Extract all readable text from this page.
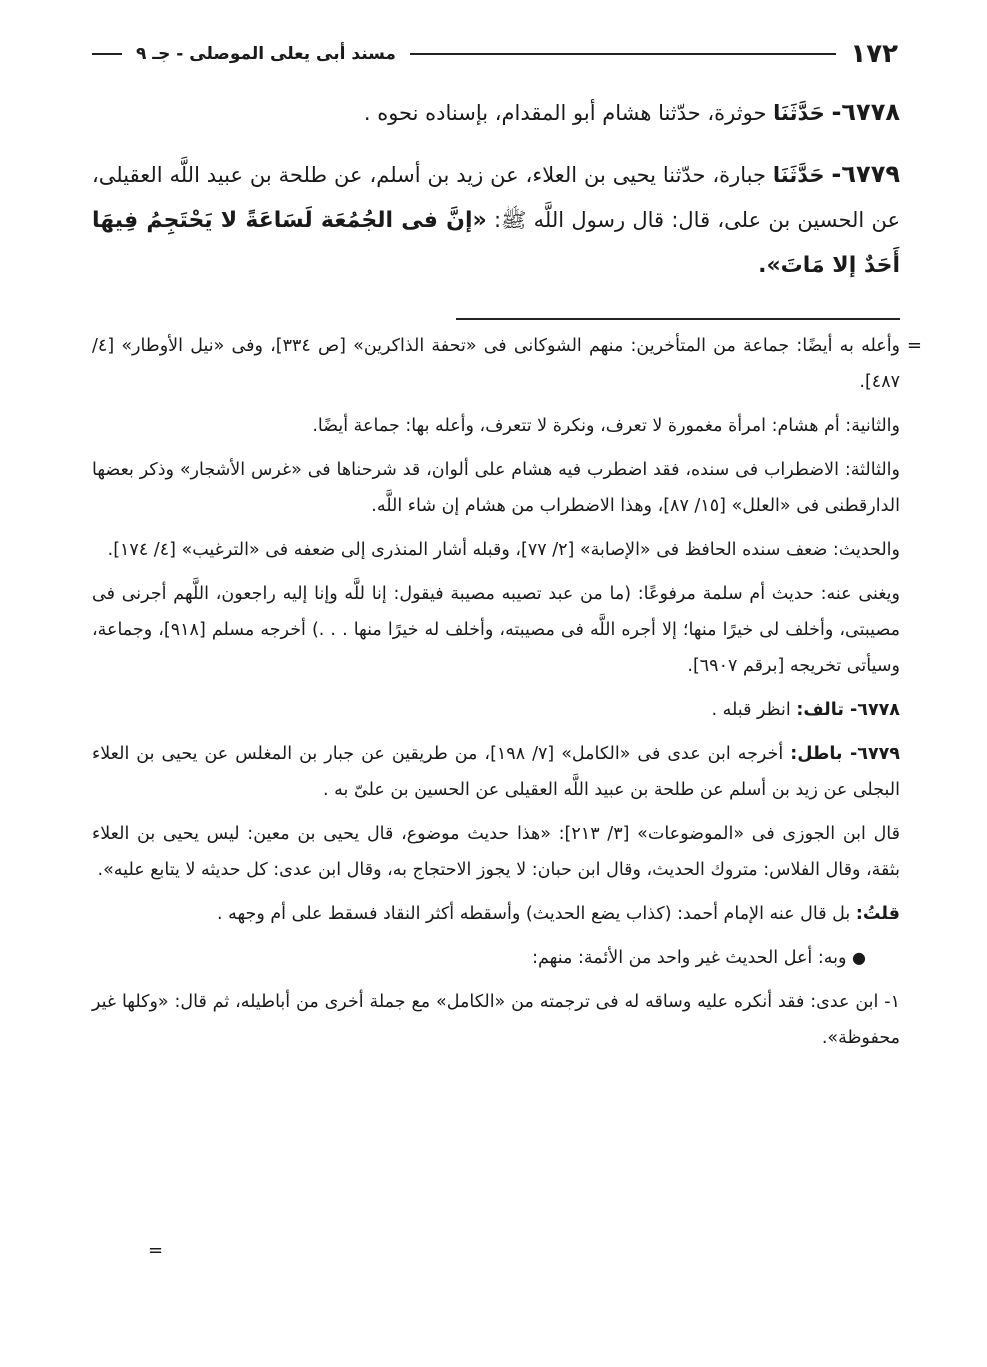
١٧٢
مسند أبى يعلى الموصلى - جـ ٩

٦٧٧٨- حَدَّثَنَا حوثرة، حدّثنا هشام أبو المقدام، بإسناده نحوه .

٦٧٧٩- حَدَّثَنَا جبارة، حدّثنا يحيى بن العلاء، عن زيد بن أسلم، عن طلحة بن عبيد اللَّه العقيلى، عن الحسين بن على، قال: قال رسول اللَّه ﷺ: «إنَّ فى الجُمُعَة لَسَاعَةً لا يَحْتَجِمُ فِيهَا أَحَدٌ إلا مَاتَ».

=
وأعله به أيضًا: جماعة من المتأخرين: منهم الشوكانى فى «تحفة الذاكرين» [ص ٣٣٤]، وفى «نيل الأوطار» [٤/ ٤٨٧].

والثانية: أم هشام: امرأة مغمورة لا تعرف، ونكرة لا تتعرف، وأعله بها: جماعة أيضًا.

والثالثة: الاضطراب فى سنده، فقد اضطرب فيه هشام على ألوان، قد شرحناها فى «غرس الأشجار» وذكر بعضها الدارقطنى فى «العلل» [١٥/ ٨٧]، وهذا الاضطراب من هشام إن شاء اللَّه.

والحديث: ضعف سنده الحافظ فى «الإصابة» [٢/ ٧٧]، وقبله أشار المنذرى إلى ضعفه فى «الترغيب» [٤/ ١٧٤].

ويغنى عنه: حديث أم سلمة مرفوعًا: (ما من عبد تصيبه مصيبة فيقول: إنا للَّه وإنا إليه راجعون، اللَّهم أجرنى فى مصيبتى، وأخلف لى خيرًا منها؛ إلا أجره اللَّه فى مصيبته، وأخلف له خيرًا منها . . .) أخرجه مسلم [٩١٨]، وجماعة، وسيأتى تخريجه [برقم ٦٩٠٧].

٦٧٧٨- تالف: انظر قبله .

٦٧٧٩- باطل: أخرجه ابن عدى فى «الكامل» [٧/ ١٩٨]، من طريقين عن جبار بن المغلس عن يحيى بن العلاء البجلى عن زيد بن أسلم عن طلحة بن عبيد اللَّه العقيلى عن الحسين بن علىّ به .

قال ابن الجوزى فى «الموضوعات» [٣/ ٢١٣]: «هذا حديث موضوع، قال يحيى بن معين: ليس يحيى بن العلاء بثقة، وقال الفلاس: متروك الحديث، وقال ابن حبان: لا يجوز الاحتجاج به، وقال ابن عدى: كل حديثه لا يتابع عليه».

قلتُ: بل قال عنه الإمام أحمد: (كذاب يضع الحديث) وأسقطه أكثر النقاد فسقط على أم وجهه .

● وبه: أعل الحديث غير واحد من الأئمة: منهم:

١- ابن عدى: فقد أنكره عليه وساقه له فى ترجمته من «الكامل» مع جملة أخرى من أباطيله، ثم قال: «وكلها غير محفوظة».

=
